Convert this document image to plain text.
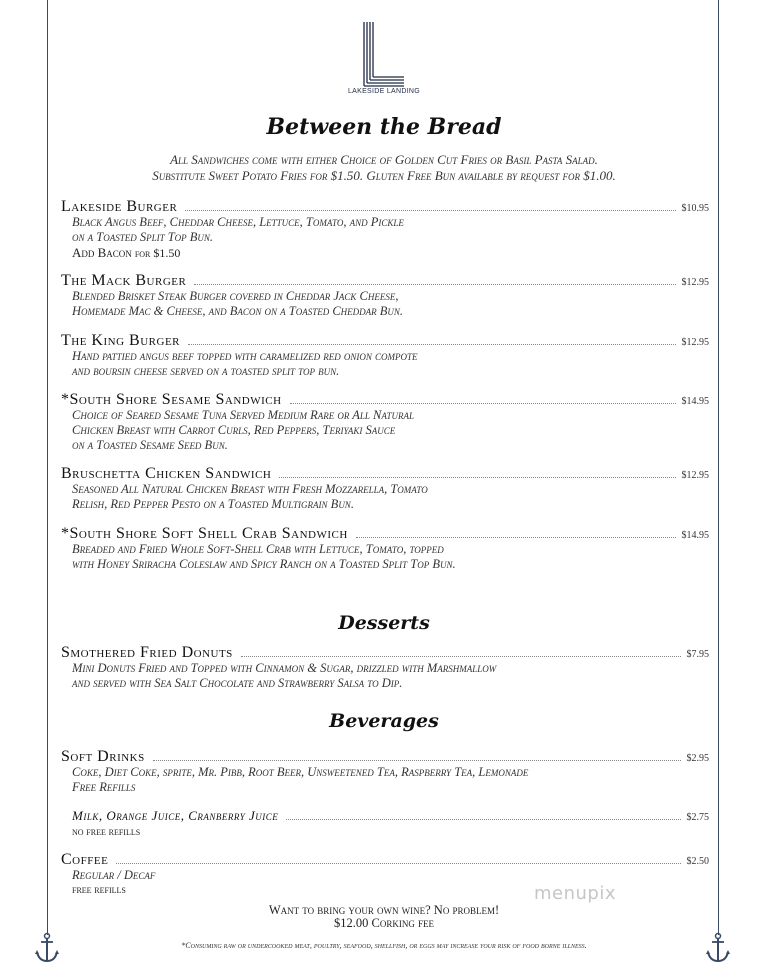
LAKESIDE LANDING
Between the Bread
All Sandwiches come with either Choice of Golden Cut Fries or Basil Pasta Salad.
Substitute Sweet Potato Fries for $1.50. Gluten Free Bun available by request for $1.00.
Lakeside Burger	$10.95
Black Angus Beef, Cheddar Cheese, Lettuce, Tomato, and Pickle
on a Toasted Split Top Bun.
Add Bacon for $1.50
The Mack Burger	$12.95
Blended Brisket Steak Burger covered in Cheddar Jack Cheese,
Homemade Mac & Cheese, and Bacon on a Toasted Cheddar Bun.
The King Burger	$12.95
Hand pattied angus beef topped with caramelized red onion compote
and boursin cheese served on a toasted split top bun.
*South Shore Sesame Sandwich	$14.95
Choice of Seared Sesame Tuna Served Medium Rare or All Natural
Chicken Breast with Carrot Curls, Red Peppers, Teriyaki Sauce
on a Toasted Sesame Seed Bun.
Bruschetta Chicken Sandwich	$12.95
Seasoned All Natural Chicken Breast with Fresh Mozzarella, Tomato
Relish, Red Pepper Pesto on a Toasted Multigrain Bun.
*South Shore Soft Shell Crab Sandwich	$14.95
Breaded and Fried Whole Soft-Shell Crab with Lettuce, Tomato, topped
with Honey Sriracha Coleslaw and Spicy Ranch on a Toasted Split Top Bun.
Desserts
Smothered Fried Donuts	$7.95
Mini Donuts Fried and Topped with Cinnamon & Sugar, drizzled with Marshmallow
and served with Sea Salt Chocolate and Strawberry Salsa to Dip.
Beverages
Soft Drinks	$2.95
Coke, Diet Coke, sprite, Mr. Pibb, Root Beer, Unsweetened Tea, Raspberry Tea, Lemonade
Free Refills
Milk, Orange Juice, Cranberry Juice	$2.75
no free refills
Coffee	$2.50
Regular / Decaf
free refills	menupix
Want to bring your own wine? No problem!
$12.00 Corking fee
*Consuming raw or undercooked meat, poultry, seafood, shellfish, or eggs may increase your risk of food borne illness.
